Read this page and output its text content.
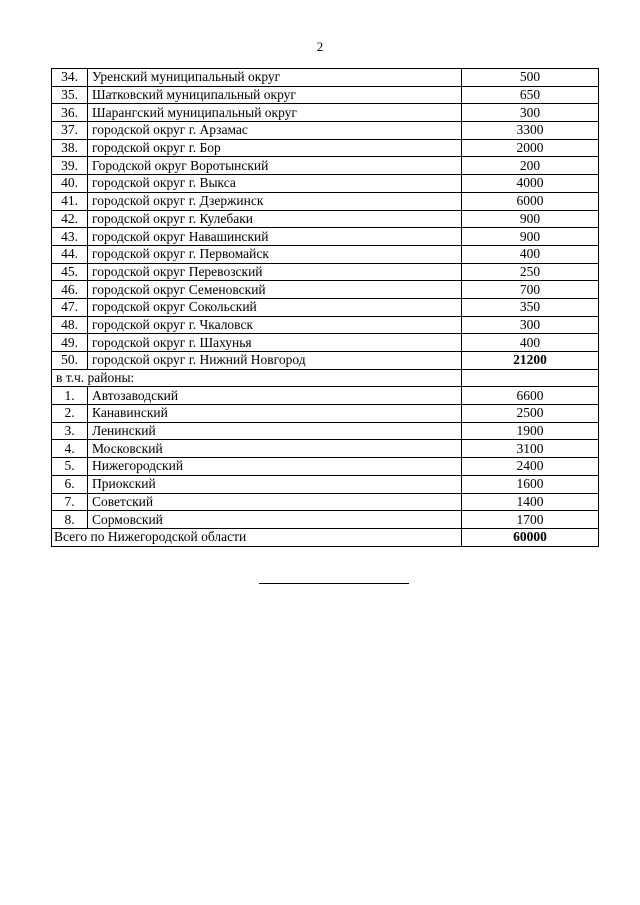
2
34.	Уренский муниципальный округ	500
35.	Шатковский муниципальный округ	650
36.	Шарангский муниципальный округ	300
37.	городской округ г. Арзамас	3300
38.	городской округ г. Бор	2000
39.	Городской округ Воротынский	200
40.	городской округ г. Выкса	4000
41.	городской округ г. Дзержинск	6000
42.	городской округ г. Кулебаки	900
43.	городской округ Навашинский	900
44.	городской округ г. Первомайск	400
45.	городской округ Перевозский	250
46.	городской округ Семеновский	700
47.	городской округ Сокольский	350
48.	городской округ г. Чкаловск	300
49.	городской округ г. Шахунья	400
50.	городской округ г. Нижний Новгород	21200
в т.ч. районы:		
1.	Автозаводский	6600
2.	Канавинский	2500
3.	Ленинский	1900
4.	Московский	3100
5.	Нижегородский	2400
6.	Приокский	1600
7.	Советский	1400
8.	Сормовский	1700
Всего по Нижегородской области		60000
